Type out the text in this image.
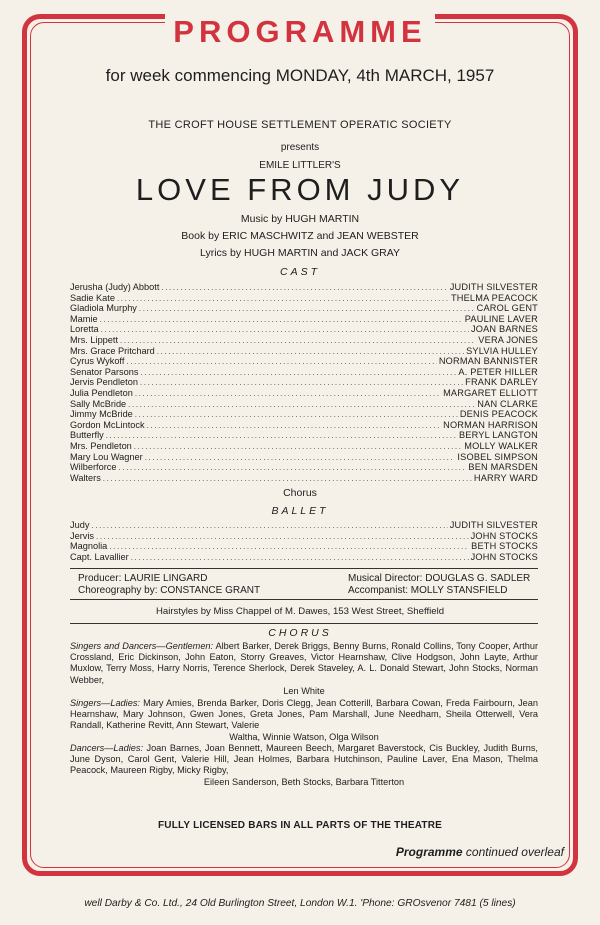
PROGRAMME
for week commencing MONDAY, 4th MARCH, 1957
THE CROFT HOUSE SETTLEMENT OPERATIC SOCIETY
presents
EMILE LITTLER'S
LOVE FROM JUDY
Music by HUGH MARTIN
Book by ERIC MASCHWITZ and JEAN WEBSTER
Lyrics by HUGH MARTIN and JACK GRAY
CAST
Jerusha (Judy) Abbott .....	JUDITH SILVESTER
Sadie Kate .....	THELMA PEACOCK
Gladiola Murphy .....	CAROL GENT
Mamie .....	PAULINE LAVER
Loretta .....	JOAN BARNES
Mrs. Lippett .....	VERA JONES
Mrs. Grace Pritchard .....	SYLVIA HULLEY
Cyrus Wykoff .....	NORMAN BANNISTER
Senator Parsons .....	A. PETER HILLER
Jervis Pendleton .....	FRANK DARLEY
Julia Pendleton .....	MARGARET ELLIOTT
Sally McBride .....	NAN CLARKE
Jimmy McBride .....	DENIS PEACOCK
Gordon McLintock .....	NORMAN HARRISON
Butterfly .....	BERYL LANGTON
Mrs. Pendleton .....	MOLLY WALKER
Mary Lou Wagner .....	ISOBEL SIMPSON
Wilberforce .....	BEN MARSDEN
Walters .....	HARRY WARD
Chorus
BALLET
Judy .....	JUDITH SILVESTER
Jervis .....	JOHN STOCKS
Magnolia .....	BETH STOCKS
Capt. Lavallier .....	JOHN STOCKS
Producer: LAURIE LINGARD	Musical Director: DOUGLAS G. SADLER
Choreography by: CONSTANCE GRANT	Accompanist: MOLLY STANSFIELD
Hairstyles by Miss Chappel of M. Dawes, 153 West Street, Sheffield
CHORUS
Singers and Dancers—Gentlemen: Albert Barker, Derek Briggs, Benny Burns, Ronald Collins, Tony Cooper, Arthur Crossland, Eric Dickinson, John Eaton, Storry Greaves, Victor Hearnshaw, Clive Hodgson, John Layte, Arthur Muxlow, Terry Moss, Harry Norris, Terence Sherlock, Derek Staveley, A. L. Donald Stewart, John Stocks, Norman Webber,
Len White
Singers—Ladies: Mary Amies, Brenda Barker, Doris Clegg, Jean Cotterill, Barbara Cowan, Freda Fairbourn, Jean Hearnshaw, Mary Johnson, Gwen Jones, Greta Jones, Pam Marshall, June Needham, Sheila Otterwell, Vera Randall, Katherine Revitt, Ann Stewart, Valerie
Waltha, Winnie Watson, Olga Wilson
Dancers—Ladies: Joan Barnes, Joan Bennett, Maureen Beech, Margaret Baverstock, Cis Buckley, Judith Burns, June Dyson, Carol Gent, Valerie Hill, Jean Holmes, Barbara Hutchinson, Pauline Laver, Ena Mason, Thelma Peacock, Maureen Rigby, Micky Rigby,
Eileen Sanderson, Beth Stocks, Barbara Titterton
FULLY LICENSED BARS IN ALL PARTS OF THE THEATRE
Programme continued overleaf
well Darby & Co. Ltd., 24 Old Burlington Street, London W.1. 'Phone: GROsvenor 7481 (5 lines)
